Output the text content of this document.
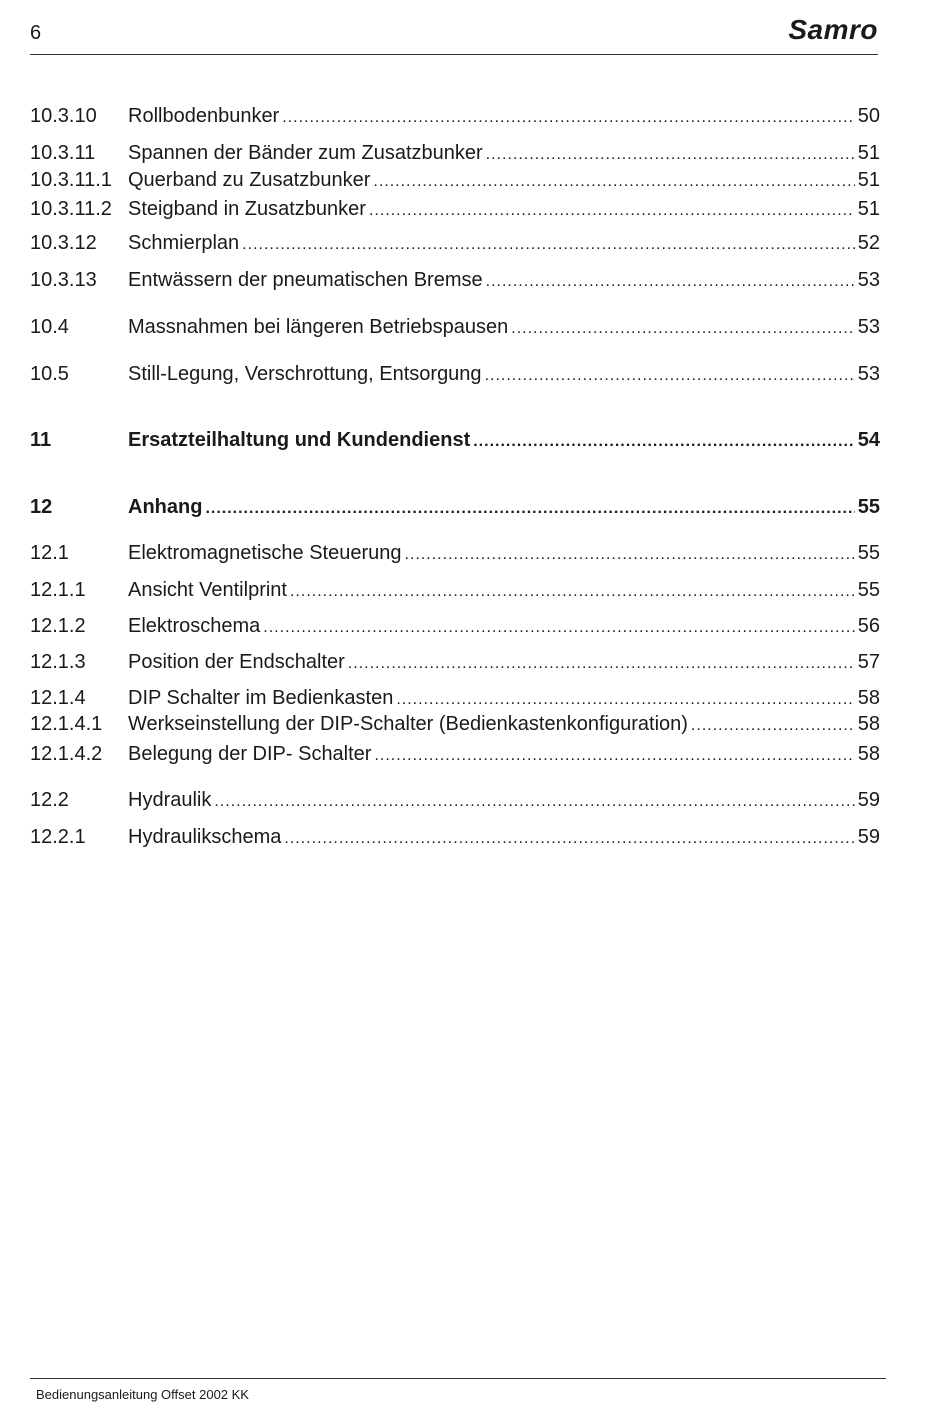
6	Samro
10.3.10	Rollbodenbunker .....	50
10.3.11	Spannen der Bänder zum Zusatzbunker .....	51
10.3.11.1 Querband zu Zusatzbunker .....	51
10.3.11.2 Steigband in Zusatzbunker .....	51
10.3.12	Schmierplan .....	52
10.3.13	Entwässern der pneumatischen Bremse .....	53
10.4	Massnahmen bei längeren Betriebspausen .....	53
10.5	Still-Legung, Verschrottung, Entsorgung .....	53
11	Ersatzteilhaltung und Kundendienst .....	54
12	Anhang .....	55
12.1	Elektromagnetische Steuerung .....	55
12.1.1	Ansicht Ventilprint .....	55
12.1.2	Elektroschema .....	56
12.1.3	Position der Endschalter .....	57
12.1.4	DIP Schalter im Bedienkasten .....	58
12.1.4.1	Werkseinstellung der DIP-Schalter (Bedienkastenkonfiguration) .....	58
12.1.4.2	Belegung der DIP- Schalter .....	58
12.2	Hydraulik .....	59
12.2.1	Hydraulikschema .....	59
Bedienungsanleitung Offset 2002 KK
